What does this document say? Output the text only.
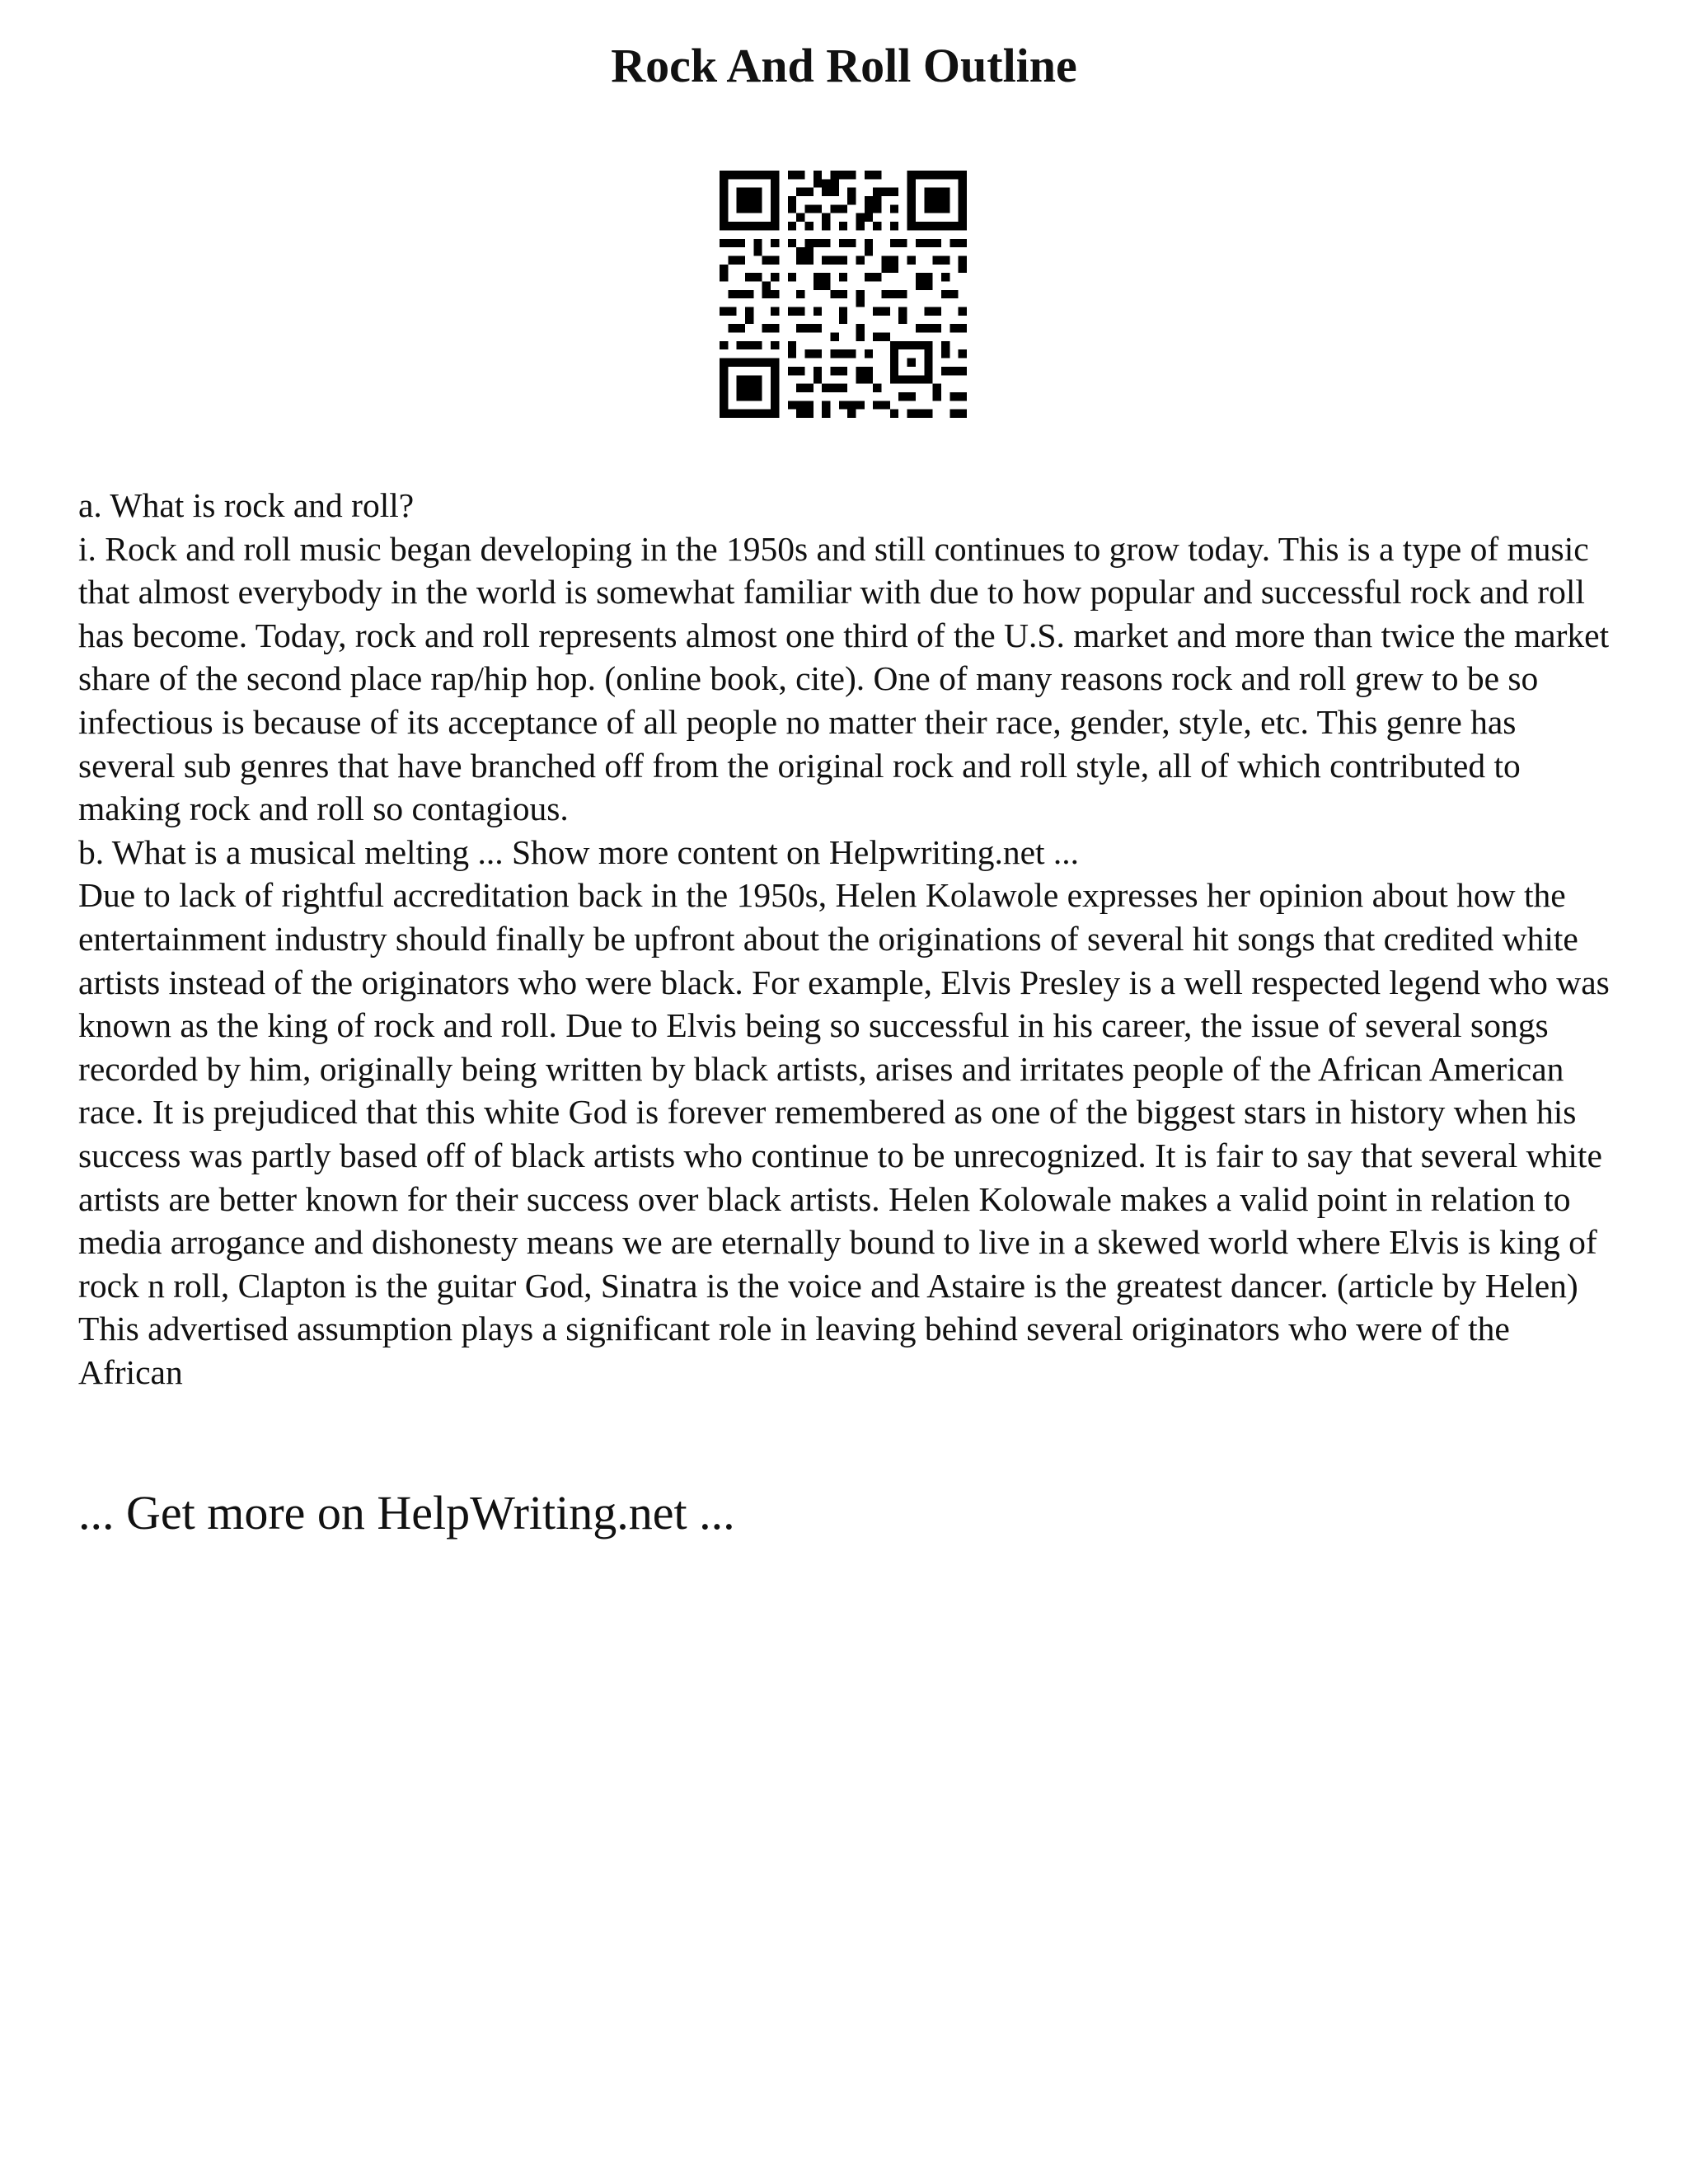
Rock And Roll Outline

a. What is rock and roll?

i. Rock and roll music began developing in the 1950s and still continues to grow today. This is a type of music that almost everybody in the world is somewhat familiar with due to how popular and successful rock and roll has become. Today, rock and roll represents almost one third of the U.S. market and more than twice the market share of the second place rap/hip hop. (online book, cite). One of many reasons rock and roll grew to be so infectious is because of its acceptance of all people no matter their race, gender, style, etc. This genre has several sub genres that have branched off from the original rock and roll style, all of which contributed to making rock and roll so contagious.

b. What is a musical melting ... Show more content on Helpwriting.net ...

Due to lack of rightful accreditation back in the 1950s, Helen Kolawole expresses her opinion about how the entertainment industry should finally be upfront about the originations of several hit songs that credited white artists instead of the originators who were black. For example, Elvis Presley is a well respected legend who was known as the king of rock and roll. Due to Elvis being so successful in his career, the issue of several songs recorded by him, originally being written by black artists, arises and irritates people of the African American race. It is prejudiced that this white God is forever remembered as one of the biggest stars in history when his success was partly based off of black artists who continue to be unrecognized. It is fair to say that several white artists are better known for their success over black artists. Helen Kolowale makes a valid point in relation to media arrogance and dishonesty means we are eternally bound to live in a skewed world where Elvis is king of rock n roll, Clapton is the guitar God, Sinatra is the voice and Astaire is the greatest dancer. (article by Helen) This advertised assumption plays a significant role in leaving behind several originators who were of the African

... Get more on HelpWriting.net ...
